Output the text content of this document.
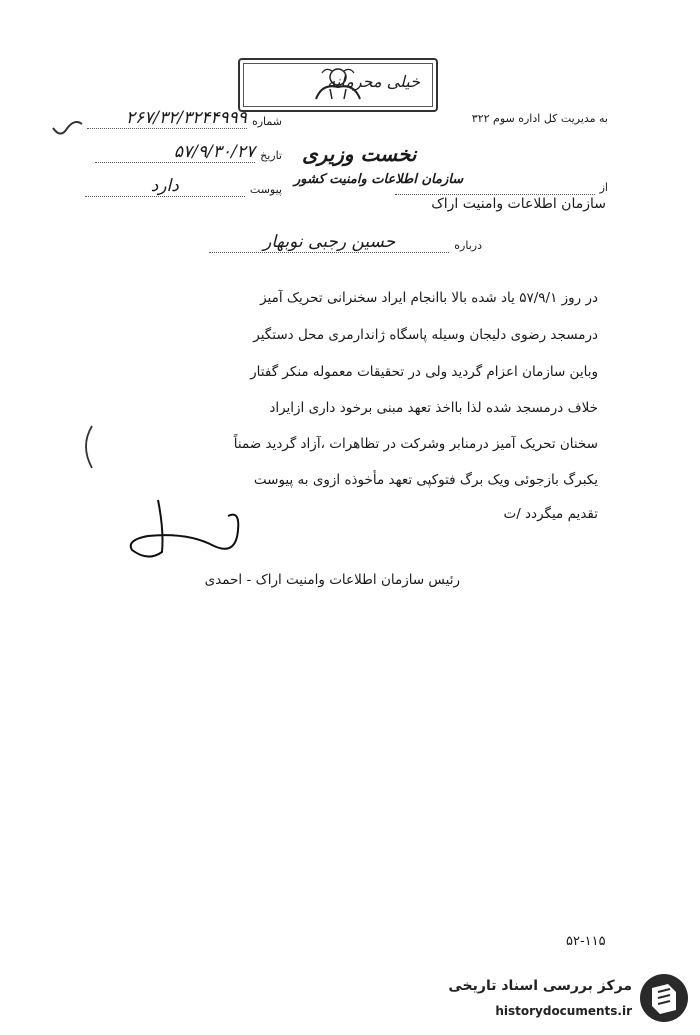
خیلی محرمانه
به مدیریت کل اداره سوم ۳۲۲
شماره ۲۶۷/۳۲/۳۲۴۴۹۹۹
تاریخ ۵۷/۹/۳۰/۲۷
پیوست دارد
نخست وزیری
سازمان اطلاعات وامنیت کشور
از
سازمان اطلاعات وامنیت اراک
درباره حسین رجبی نوبهار
در روز ۵۷/۹/۱ یاد شده بالا باانجام ایراد سخنرانی تحریک آمیز
درمسجد رضوی دلیجان وسیله پاسگاه ژاندارمری محل دستگیر
وباین سازمان اعزام گردید ولی در تحقیقات معموله منکر گفتار
خلاف درمسجد شده لذا بااخذ تعهد مبنی برخود داری ازایراد
سخنان تحریک آمیز درمنابر وشرکت در تظاهرات ،آزاد گردید ضمناً
یکبرگ بازجوئی ویک برگ فتوکپی تعهد مأخوذه ازوی به پیوست
تقدیم میگردد /ت
رئیس سازمان اطلاعات وامنیت اراک - احمدی
۵۲-۱۱۵
مرکز بررسی اسناد تاریخی
historydocuments.ir
